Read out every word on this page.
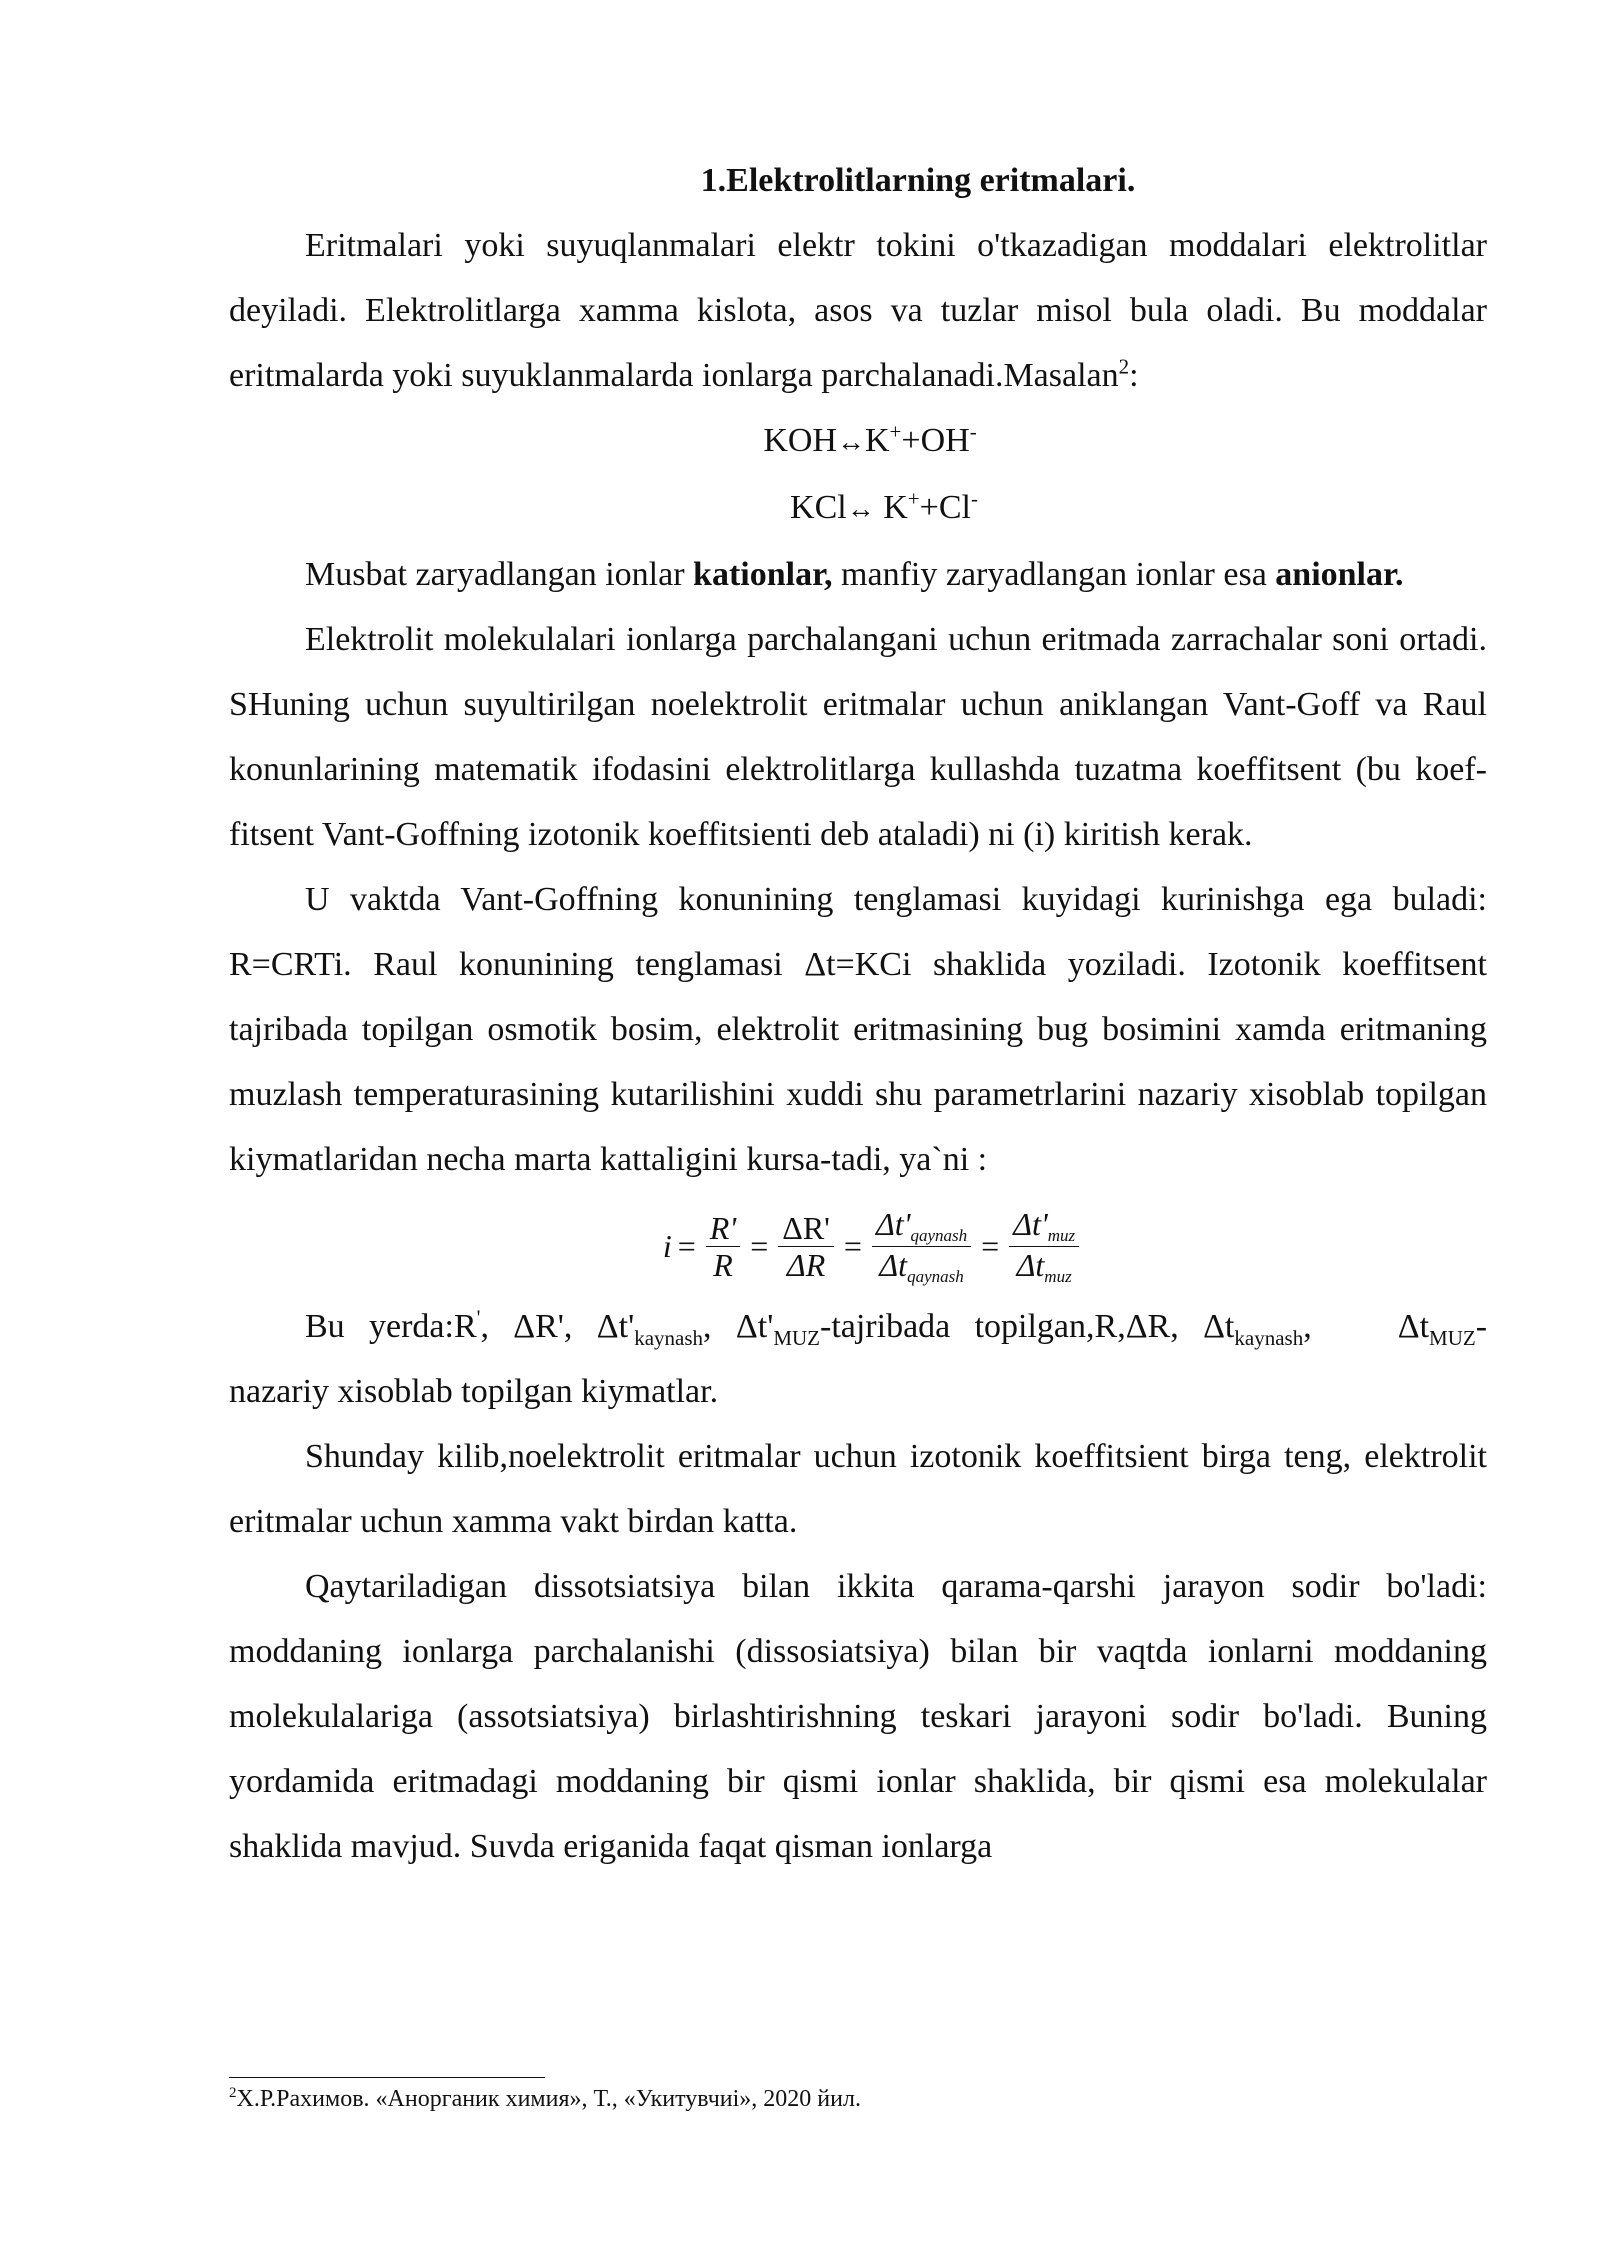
1.Elektrolitlarning eritmalari.

Eritmalari yoki suyuqlanmalari elektr tokini o'tkazadigan moddalari elektrolitlar deyiladi. Elektrolitlarga xamma kislota, asos va tuzlar misol bula oladi. Bu moddalar eritmalarda yoki suyuklanmalarda ionlarga parchalanadi.Masalan$^2$:

KOH↔K++OH-

KCl↔ K++Cl-

Musbat zaryadlangan ionlar kationlar, manfiy zaryadlangan ionlar esa anionlar.

Elektrolit molekulalari ionlarga parchalangani uchun eritmada zarrachalar soni ortadi. SHuning uchun suyultirilgan noelektrolit eritmalar uchun aniklangan Vant-Goff va Raul konunlarining matematik ifodasini elektrolitlarga kullashda tuzatma koeffitsent (bu koef-fitsent Vant-Goffning izotonik koeffitsienti deb ataladi) ni (i) kiritish kerak.

U vaktda Vant-Goffning konunining tenglamasi kuyidagi kurinishga ega buladi: R=CRTi. Raul konunining tenglamasi Δt=KCi shaklida yoziladi. Izotonik koeffitsent tajribada topilgan osmotik bosim, elektrolit eritmasining bug bosimini xamda eritmaning muzlash temperaturasining kutarilishini xuddi shu parametrlarini nazariy xisoblab topilgan kiymatlaridan necha marta kattaligini kursa-tadi, ya`ni :

$i = \frac{R'}{R} = \frac{\Delta R'}{\Delta R} = \frac{\text{Δt'qaynash}}{\text{Δtqaynash}} = \frac{\text{Δt'muz}}{\text{Δtmuz}}$

Bu yerda:R', ΔR', $\Delta t'_{kaynash}$, $\Delta t'_{MUZ}$-tajribada topilgan,R,ΔR, $\Delta t_{kaynash}$,	$\Delta t_{MUZ}-$ nazariy xisoblab topilgan kiymatlar.

Shunday kilib,noelektrolit eritmalar uchun izotonik koeffitsient birga teng, elektrolit eritmalar uchun xamma vakt birdan katta.

Qaytariladigan dissotsiatsiya bilan ikkita qarama-qarshi jarayon sodir bo'ladi: moddaning ionlarga parchalanishi (dissosiatsiya) bilan bir vaqtda ionlarni moddaning molekulalariga (assotsiatsiya) birlashtirishning teskari jarayoni sodir bo'ladi. Buning yordamida eritmadagi moddaning bir qismi ionlar shaklida, bir qismi esa molekulalar shaklida mavjud. Suvda eriganida faqat qisman ionlarga

$^2$Х.Р.Рахимов. «Анорганик химия», Т., «Укитувчиі», 2020 йил.
